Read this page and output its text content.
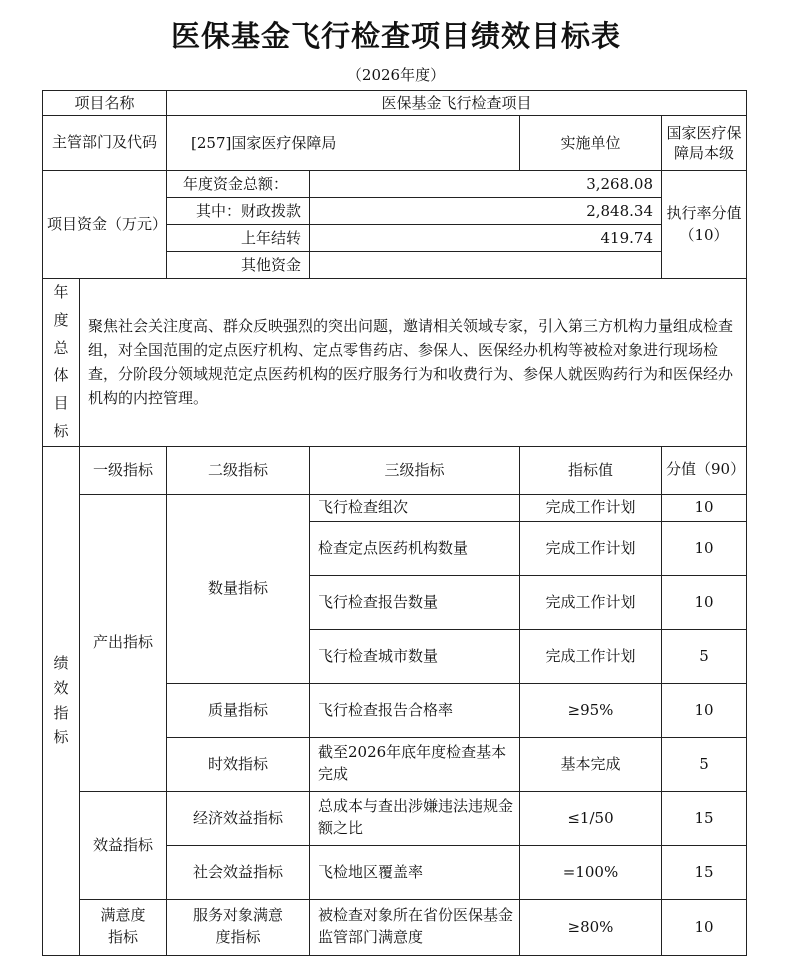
医保基金飞行检查项目绩效目标表
（2026年度）
项目名称		医保基金飞行检查项目			
主管部门及代码		[257]国家医疗保障局		实施单位	国家医疗保障局本级
项目资金（万元）		年度资金总额：	3,268.08		执行率分值（10）
		其中：财政拨款	2,848.34		
		上年结转	419.74		
		其他资金			
年度总体目标	聚焦社会关注度高、群众反映强烈的突出问题，邀请相关领域专家，引入第三方机构力量组成检查组，对全国范围的定点医疗机构、定点零售药店、参保人、医保经办机构等被检对象进行现场检查，分阶段分领域规范定点医药机构的医疗服务行为和收费行为、参保人就医购药行为和医保经办机构的内控管理。				
绩效指标	一级指标	二级指标	三级指标	指标值	分值（90）
	产出指标	数量指标	飞行检查组次	完成工作计划	10
			检查定点医药机构数量	完成工作计划	10
			飞行检查报告数量	完成工作计划	10
			飞行检查城市数量	完成工作计划	5
		质量指标	飞行检查报告合格率	≥95%	10
		时效指标	截至2026年底年度检查基本完成	基本完成	5
	效益指标	经济效益指标	总成本与查出涉嫌违法违规金额之比	≤1/50	15
		社会效益指标	飞检地区覆盖率	=100%	15
	满意度指标	服务对象满意度指标	被检查对象所在省份医保基金监管部门满意度	≥80%	10
